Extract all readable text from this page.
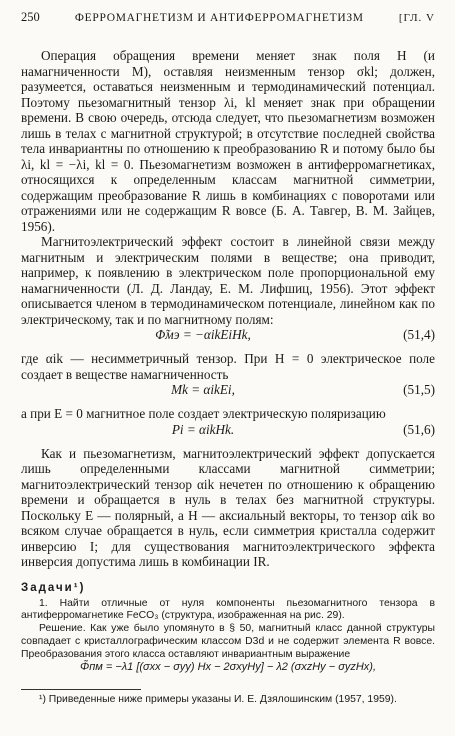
250	ФЕРРОМАГНЕТИЗМ И АНТИФЕРРОМАГНЕТИЗМ	[ГЛ. V

Операция обращения времени меняет знак поля H (и намагниченности M), оставляя неизменным тензор σkl; должен, разумеется, оставаться неизменным и термодинамический потенциал. Поэтому пьезомагнитный тензор λi, kl меняет знак при обращении времени. В свою очередь, отсюда следует, что пьезомагнетизм возможен лишь в телах с магнитной структурой; в отсутствие последней свойства тела инвариантны по отношению к преобразованию R и потому было бы λi, kl = −λi, kl = 0. Пьезомагнетизм возможен в антиферромагнетиках, относящихся к определенным классам магнитной симметрии, содержащим преобразование R лишь в комбинациях с поворотами или отражениями или не содержащим R вовсе (Б. А. Тавгер, В. М. Зайцев, 1956).

Магнитоэлектрический эффект состоит в линейной связи между магнитным и электрическим полями в веществе; она приводит, например, к появлению в электрическом поле пропорциональной ему намагниченности (Л. Д. Ландау, Е. М. Лифшиц, 1956). Этот эффект описывается членом в термодинамическом потенциале, линейном как по электрическому, так и по магнитному полям:

Φ̃мэ = −αikEiHk,	(51,4)

где αik — несимметричный тензор. При H = 0 электрическое поле создает в веществе намагниченность

Mk = αikEi,	(51,5)

а при E = 0 магнитное поле создает электрическую поляризацию

Pi = αikHk.	(51,6)

Как и пьезомагнетизм, магнитоэлектрический эффект допускается лишь определенными классами магнитной симметрии; магнитоэлектрический тензор αik нечетен по отношению к обращению времени и обращается в нуль в телах без магнитной структуры. Поскольку E — полярный, а H — аксиальный векторы, то тензор αik во всяком случае обращается в нуль, если симметрия кристалла содержит инверсию I; для существования магнитоэлектрического эффекта инверсия допустима лишь в комбинации IR.

Задачи¹)

1. Найти отличные от нуля компоненты пьезомагнитного тензора в антиферромагнетике FeCO₃ (структура, изображенная на рис. 29).

Решение. Как уже было упомянуто в § 50, магнитный класс данной структуры совпадает с кристаллографическим классом D3d и не содержит элемента R вовсе. Преобразования этого класса оставляют инвариантным выражение

Φ̃пм = −λ1 [(σxx − σyy) Hx − 2σxyHy] − λ2 (σxzHy − σyzHx),
¹) Приведенные ниже примеры указаны И. Е. Дзялошинским (1957, 1959).
